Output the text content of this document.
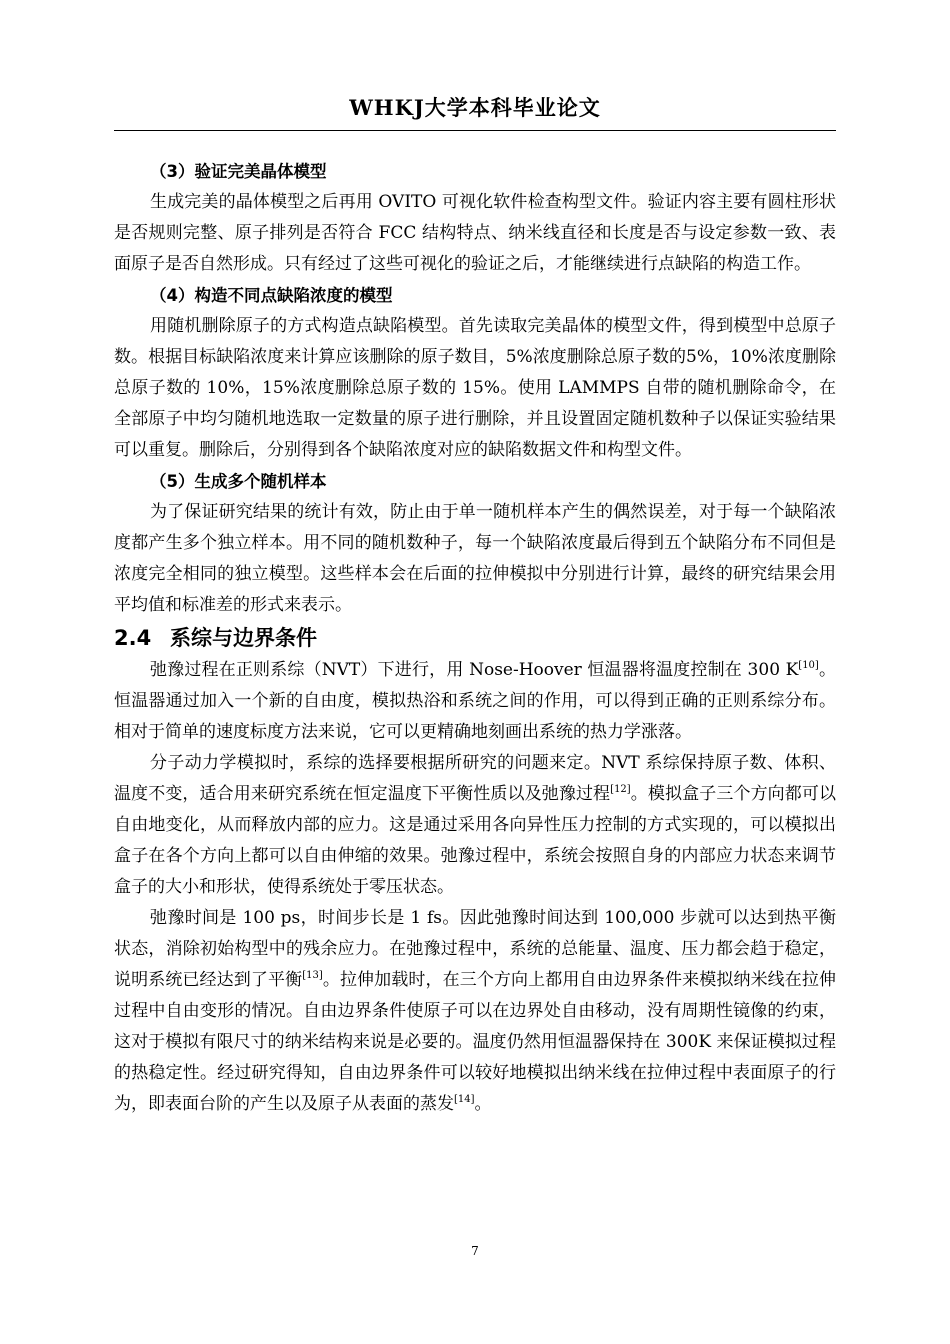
WHKJ大学本科毕业论文

（3）验证完美晶体模型

生成完美的晶体模型之后再用 OVITO 可视化软件检查构型文件。验证内容主要有圆柱形状是否规则完整、原子排列是否符合 FCC 结构特点、纳米线直径和长度是否与设定参数一致、表面原子是否自然形成。只有经过了这些可视化的验证之后，才能继续进行点缺陷的构造工作。

（4）构造不同点缺陷浓度的模型

用随机删除原子的方式构造点缺陷模型。首先读取完美晶体的模型文件，得到模型中总原子数。根据目标缺陷浓度来计算应该删除的原子数目，5%浓度删除总原子数的5%，10%浓度删除总原子数的 10%，15%浓度删除总原子数的 15%。使用 LAMMPS 自带的随机删除命令，在全部原子中均匀随机地选取一定数量的原子进行删除，并且设置固定随机数种子以保证实验结果可以重复。删除后，分别得到各个缺陷浓度对应的缺陷数据文件和构型文件。

（5）生成多个随机样本

为了保证研究结果的统计有效，防止由于单一随机样本产生的偶然误差，对于每一个缺陷浓度都产生多个独立样本。用不同的随机数种子，每一个缺陷浓度最后得到五个缺陷分布不同但是浓度完全相同的独立模型。这些样本会在后面的拉伸模拟中分别进行计算，最终的研究结果会用平均值和标准差的形式来表示。

2.4 系综与边界条件

弛豫过程在正则系综（NVT）下进行，用 Nose-Hoover 恒温器将温度控制在 300 K[10]。恒温器通过加入一个新的自由度，模拟热浴和系统之间的作用，可以得到正确的正则系综分布。相对于简单的速度标度方法来说，它可以更精确地刻画出系统的热力学涨落。

分子动力学模拟时，系综的选择要根据所研究的问题来定。NVT 系综保持原子数、体积、温度不变，适合用来研究系统在恒定温度下平衡性质以及弛豫过程[12]。模拟盒子三个方向都可以自由地变化，从而释放内部的应力。这是通过采用各向异性压力控制的方式实现的，可以模拟出盒子在各个方向上都可以自由伸缩的效果。弛豫过程中，系统会按照自身的内部应力状态来调节盒子的大小和形状，使得系统处于零压状态。

弛豫时间是 100 ps，时间步长是 1 fs。因此弛豫时间达到 100,000 步就可以达到热平衡状态，消除初始构型中的残余应力。在弛豫过程中，系统的总能量、温度、压力都会趋于稳定，说明系统已经达到了平衡[13]。拉伸加载时，在三个方向上都用自由边界条件来模拟纳米线在拉伸过程中自由变形的情况。自由边界条件使原子可以在边界处自由移动，没有周期性镜像的约束，这对于模拟有限尺寸的纳米结构来说是必要的。温度仍然用恒温器保持在 300K 来保证模拟过程的热稳定性。经过研究得知，自由边界条件可以较好地模拟出纳米线在拉伸过程中表面原子的行为，即表面台阶的产生以及原子从表面的蒸发[14]。

7
